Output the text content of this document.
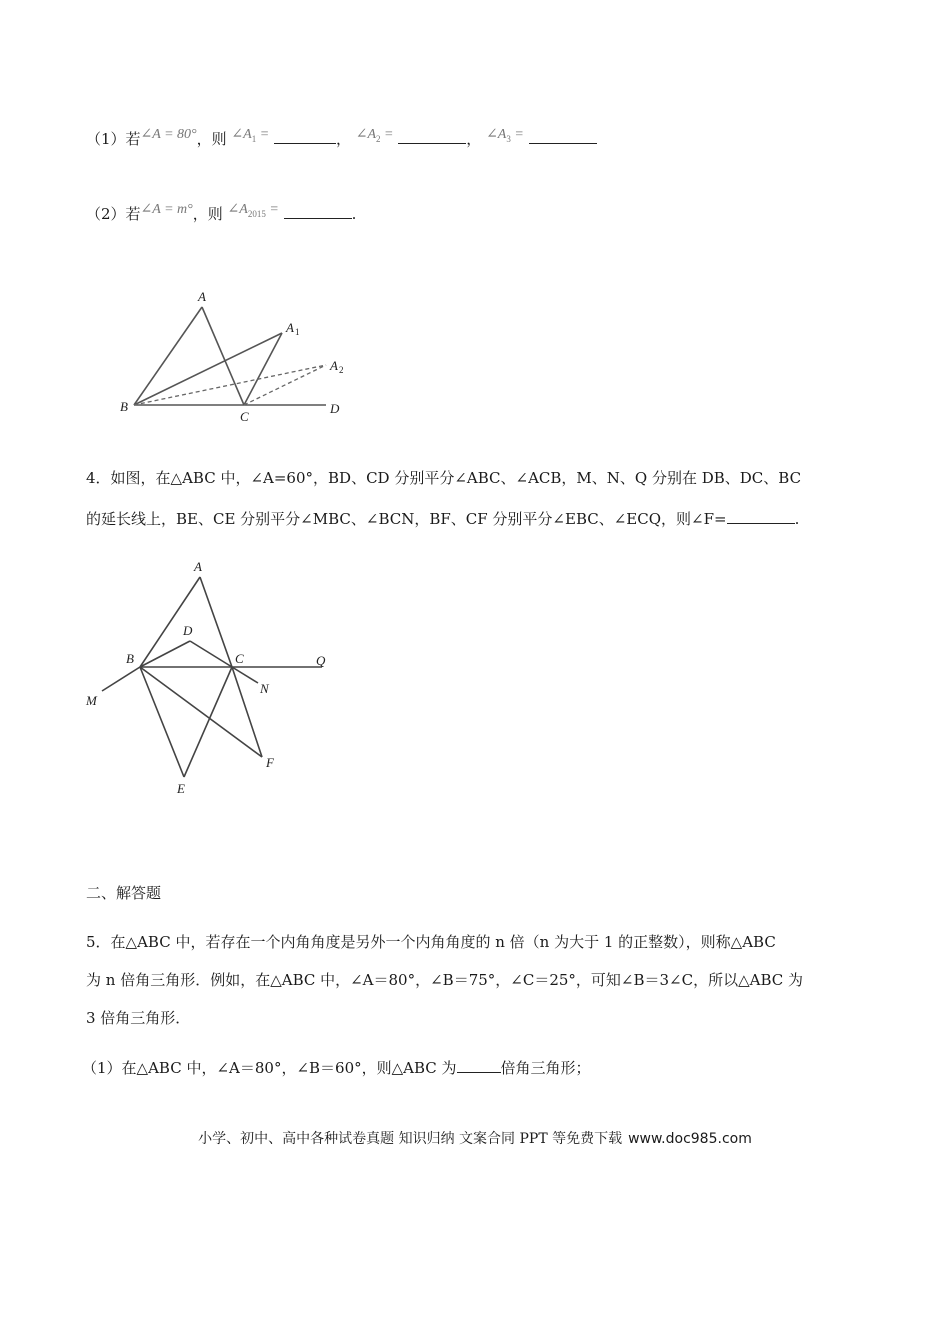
（1）若∠A = 80°，则 $\angle A_1$ =	， $\angle A_2$ =	， $\angle A_3$ =
（2）若∠A = m°，则 $\angle A_{2015}$ =	.
A
A 1
A 2
B
C
D
4．如图，在△ABC 中，∠A=60°，BD、CD 分别平分∠ABC、∠ACB，M、N、Q 分别在 DB、DC、BC
的延长线上，BE、CE 分别平分∠MBC、∠BCN，BF、CF 分别平分∠EBC、∠ECQ，则∠F=	.
A
D
B	C	Q
M
N
F
E
二、解答题
5．在△ABC 中，若存在一个内角角度是另外一个内角角度的 n 倍（n 为大于 1 的正整数），则称△ABC
为 n 倍角三角形．例如，在△ABC 中，∠A＝80°，∠B＝75°，∠C＝25°，可知∠B＝3∠C，所以△ABC 为
3 倍角三角形．
（1）在△ABC 中，∠A＝80°，∠B＝60°，则△ABC 为	倍角三角形；
小学、初中、高中各种试卷真题 知识归纳 文案合同 PPT 等免费下载 www.doc985.com
